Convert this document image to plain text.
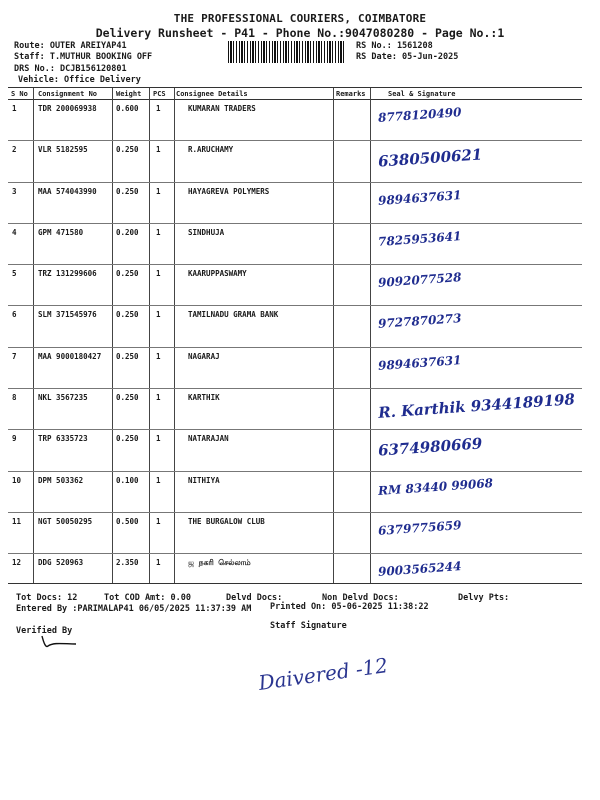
THE PROFESSIONAL COURIERS, COIMBATORE
Delivery Runsheet - P41 - Phone No.:9047080280 - Page No.:1
Route: OUTER AREIYAP41
Staff: T.MUTHUR BOOKING OFF
DRS No.: DCJB156120801
Vehicle: Office Delivery
RS No.: 1561208
RS Date: 05-Jun-2025
S No Consignment No	Weight PCS Consignee Details	Remarks	Seal & Signature
1	TDR 200069938	0.600 1	KUMARAN TRADERS	8778120490
2	VLR 5182595	0.250 1	R.ARUCHAMY	6380500621
3	MAA 574043990	0.250 1	HAYAGREVA POLYMERS	9894637631
4	GPM 471580	0.200 1	SINDHUJA	7825953641
5	TRZ 131299606	0.250 1	KAARUPPASWAMY	9092077528
6	SLM 371545976	0.250 1	TAMILNADU GRAMA BANK	9727870273
7	MAA 9000180427 0.250 1	NAGARAJ	9894637631
8	NKL 3567235	0.250 1	KARTHIK	R. Karthik 9344189198
9	TRP 6335723	0.250 1	NATARAJAN	6374980669
10 DPM 503362	0.100 1	NITHIYA	RM 83440 99068
11 NGT 50050295	0.500 1	THE BURGALOW CLUB	6379775659
12 DDG 520963	2.350 1	ஜ நகரி செல்லாம்	9003565244
Tot Docs: 12	Tot COD Amt: 0.00	Delvd Docs:	Non Delvd Docs:	Delvy Pts:
Entered By :PARIMALAP41 06/05/2025 11:37:39 AM Printed On: 05-06-2025 11:38:22
Verified By	Staff Signature
Daivered -12
